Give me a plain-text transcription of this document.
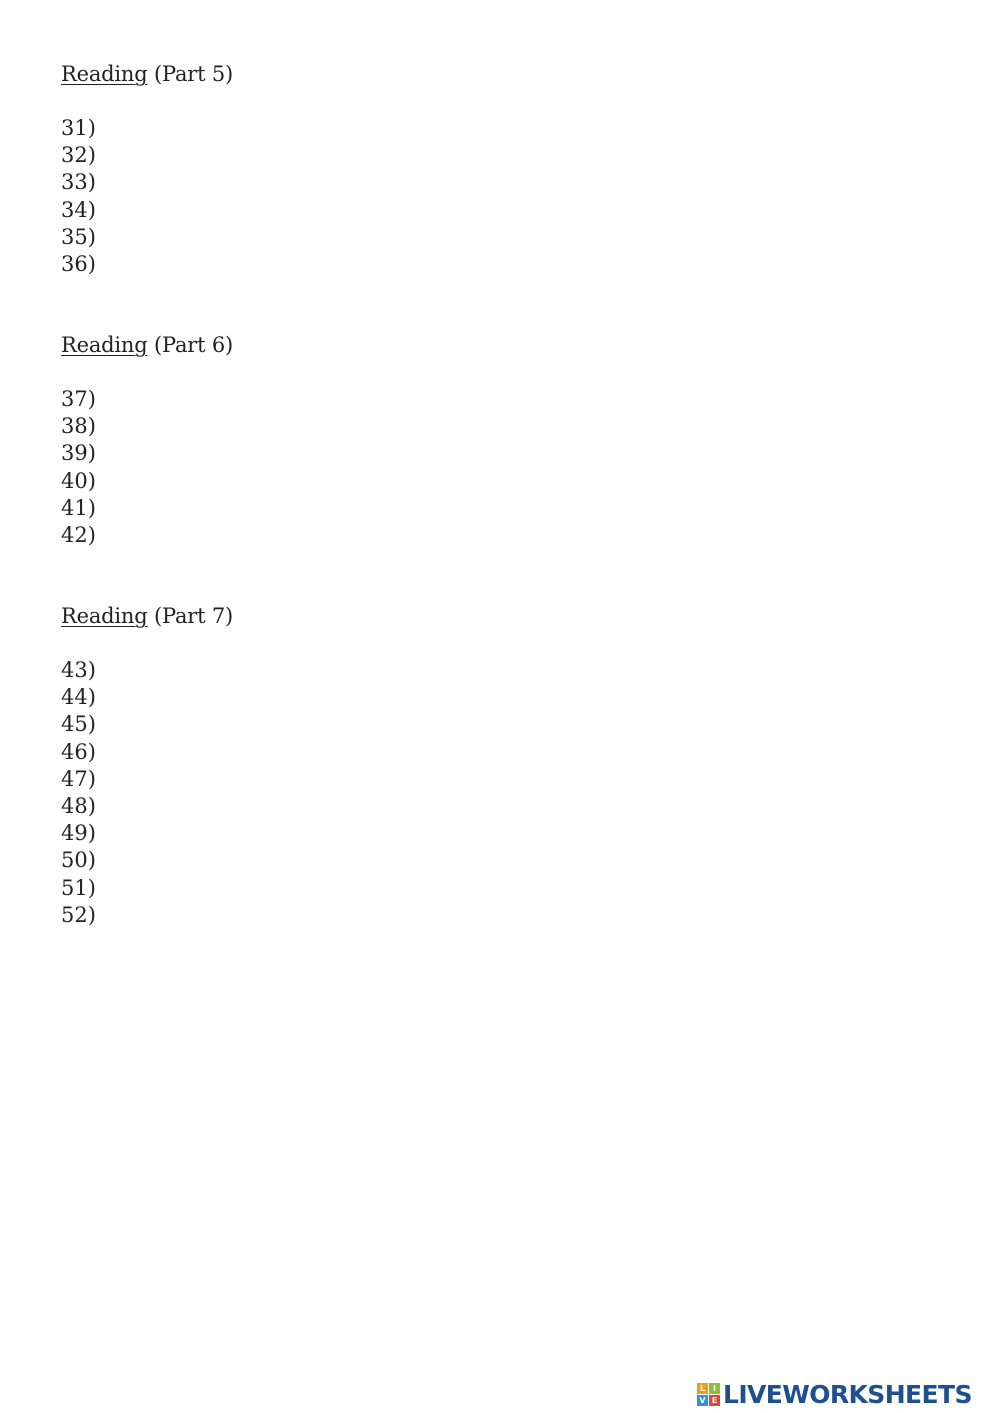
Reading (Part 5)
31)
32)
33)
34)
35)
36)
Reading (Part 6)
37)
38)
39)
40)
41)
42)
Reading (Part 7)
43)
44)
45)
46)
47)
48)
49)
50)
51)
52)
L I
V E LIVEWORKSHEETS
